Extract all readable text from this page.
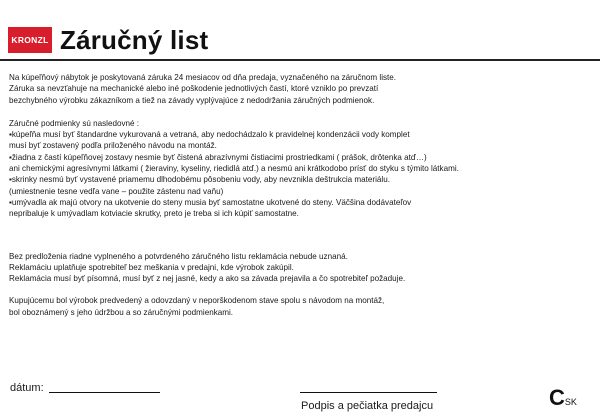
KRONZL Záručný list

Na kúpeľňový nábytok je poskytovaná záruka 24 mesiacov od dňa predaja, vyznačeného na záručnom liste.
Záruka sa nevzťahuje na mechanické alebo iné poškodenie jednotlivých častí, ktoré vzniklo po prevzatí
bezchybného výrobku zákazníkom a tiež na závady vyplývajúce z nedodržania záručných podmienok.

Záručné podmienky sú nasledovné :

▪kúpeľňa musí byť štandardne vykurovaná a vetraná, aby nedochádzalo k pravidelnej kondenzácii vody komplet
musí byť zostavený podľa priloženého návodu na montáž.

▪žiadna z častí kúpeľňovej zostavy nesmie byť čistená abrazívnymi čistiacimi prostriedkami ( prášok, drôtenka atď…)
ani chemickými agresívnymi látkami ( žieraviny, kyseliny, riedidlá atď.) a nesmú ani krátkodobo prísť do styku s týmito látkami.

▪skrinky nesmú byť vystavené priamemu dlhodobému pôsobeniu vody, aby nevznikla deštrukcia materiálu.
(umiestnenie tesne vedľa vane – použite zástenu nad vaňu)

▪umývadla ak majú otvory na ukotvenie do steny musia byť samostatne ukotvené do steny. Väčšina dodávateľov
nepribaluje k umývadlam kotviacie skrutky, preto je treba si ich kúpiť samostatne.

Bez predloženia riadne vyplneného a potvrdeného záručného listu reklamácia nebude uznaná.
Reklamáciu uplatňuje spotrebiteľ bez meškania v predajni, kde výrobok zakúpil.
Reklamácia musí byť písomná, musí byť z nej jasné, kedy a ako sa závada prejavila a čo spotrebiteľ požaduje.

Kupujúcemu bol výrobok predvedený a odovzdaný v neporškodenom stave spolu s návodom na montáž,
bol oboznámený s jeho údržbou a so záručnými podmienkami.

dátum:
Podpis a pečiatka predajcu	CSK
